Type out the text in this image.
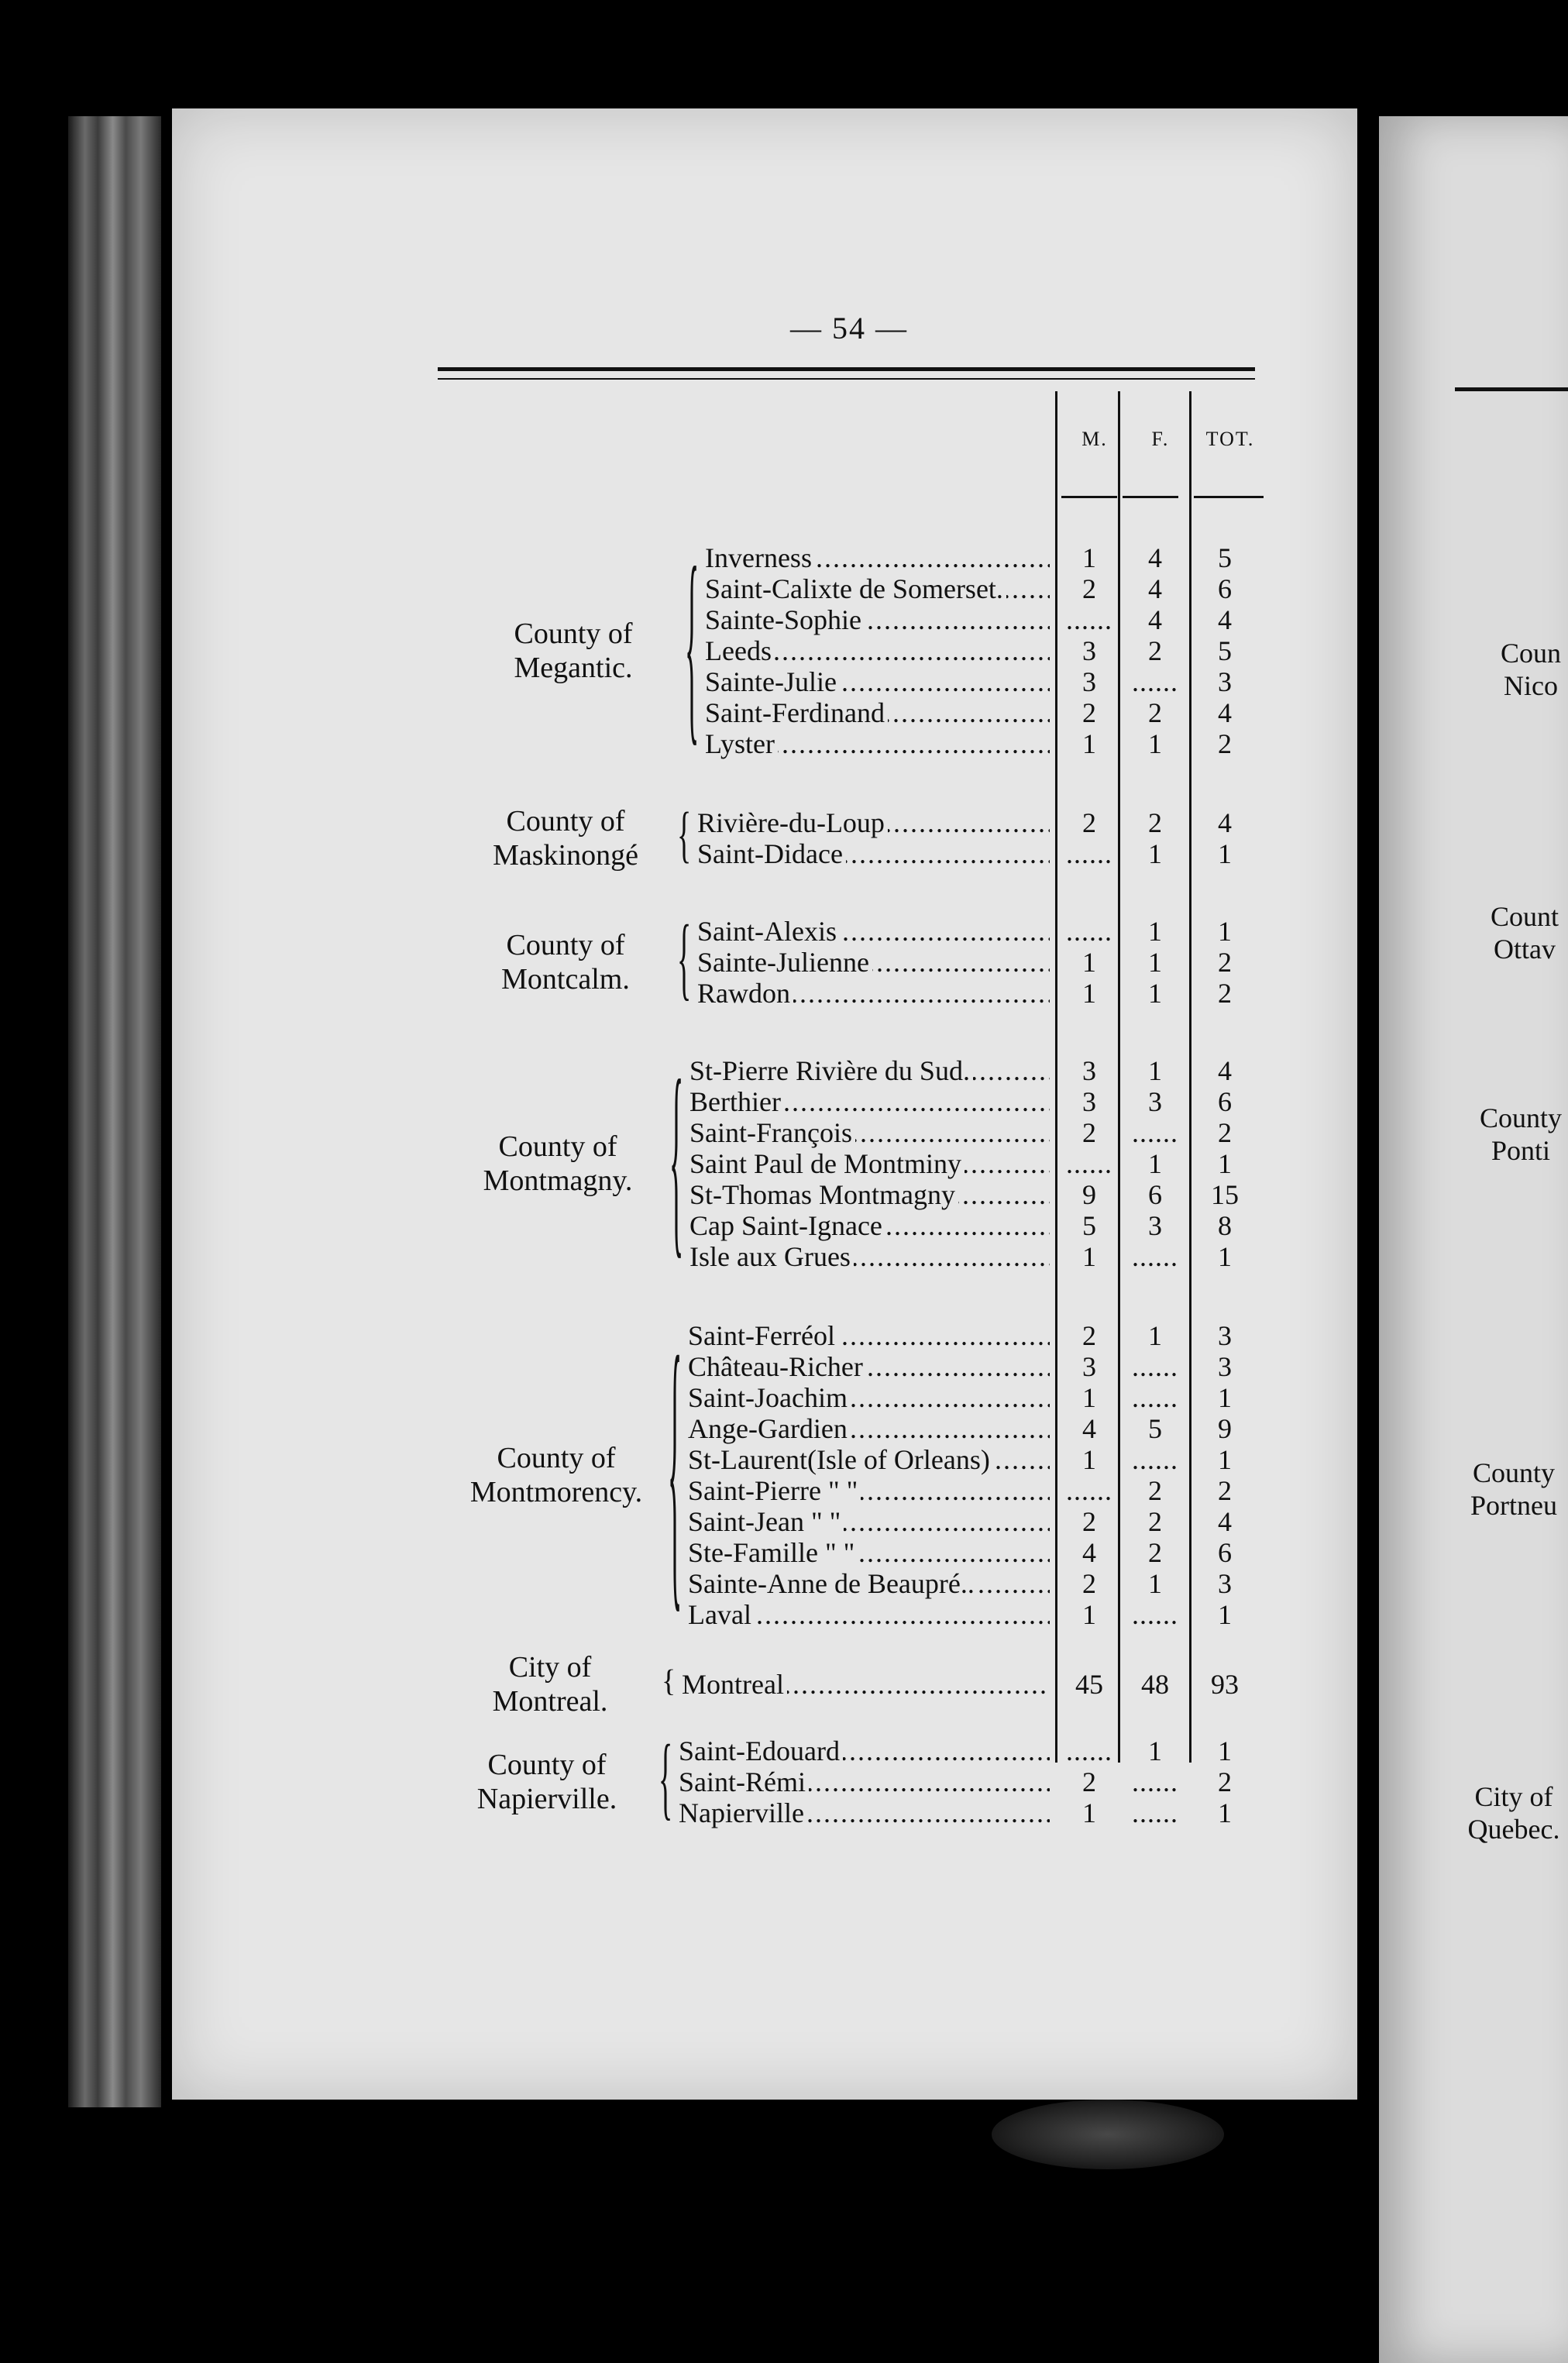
— 54 —
M.	F.	TOT.
Inverness .....	1	4	5
Saint-Calixte de Somerset. .....	2	4	6
Sainte-Sophie .....	......	4	4
Leeds .....	3	2	5
Sainte-Julie .....	3	......	3
Saint-Ferdinand .....	2	2	4
Lyster .....	1	1	2
{
County of
Megantic.
Rivière-du-Loup .....	2	2	4
Saint-Didace .....	......	1	1
{
County of
Maskinongé
Saint-Alexis .....	......	1	1
Sainte-Julienne .....	1	1	2
Rawdon .....	1	1	2
{
County of
Montcalm.
St-Pierre Rivière du Sud. .....	3	1	4
Berthier .....	3	3	6
Saint-François .....	2	......	2
Saint Paul de Montminy .....	......	1	1
St-Thomas Montmagny .....	9	6	15
Cap Saint-Ignace .....	5	3	8
Isle aux Grues .....	1	......	1
{
County of
Montmagny.
Saint-Ferréol .....	2	1	3
Château-Richer .....	3	......	3
Saint-Joachim .....	1	......	1
Ange-Gardien .....	4	5	9
St-Laurent(Isle of Orleans) .....	1	......	1
Saint-Pierre " " .....	......	2	2
Saint-Jean " " .....	2	2	4
Ste-Famille " " .....	4	2	6
Sainte-Anne de Beaupré.. .....	2	1	3
Laval .....	1	......	1
{
County of
Montmorency.
Montreal .....	45	48	93
{
City of
Montreal.
Saint-Edouard .....	......	1	1
Saint-Rémi .....	2	......	2
Napierville .....	1	......	1
{
County of
Napierville.
Coun
Nico
Count
Ottav
County
Ponti
County
Portneu
City of
Quebec.
